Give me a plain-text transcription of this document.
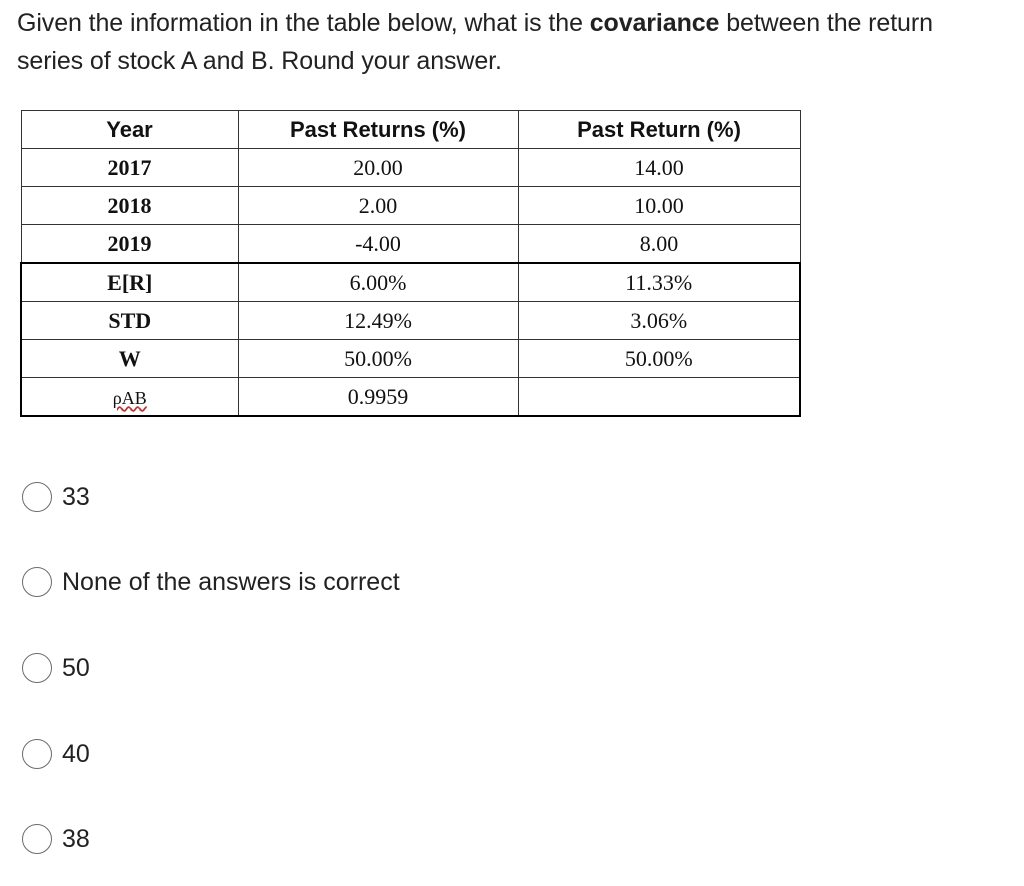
Given the information in the table below, what is the covariance between the return
series of stock A and B. Round your answer.
Year	Past Returns (%)	Past Return (%)
2017	20.00	14.00
2018	2.00	10.00
2019	-4.00	8.00
E[R]	6.00%	11.33%
STD	12.49%	3.06%
W	50.00%	50.00%
ρAB	0.9959	
33
None of the answers is correct
50
40
38
